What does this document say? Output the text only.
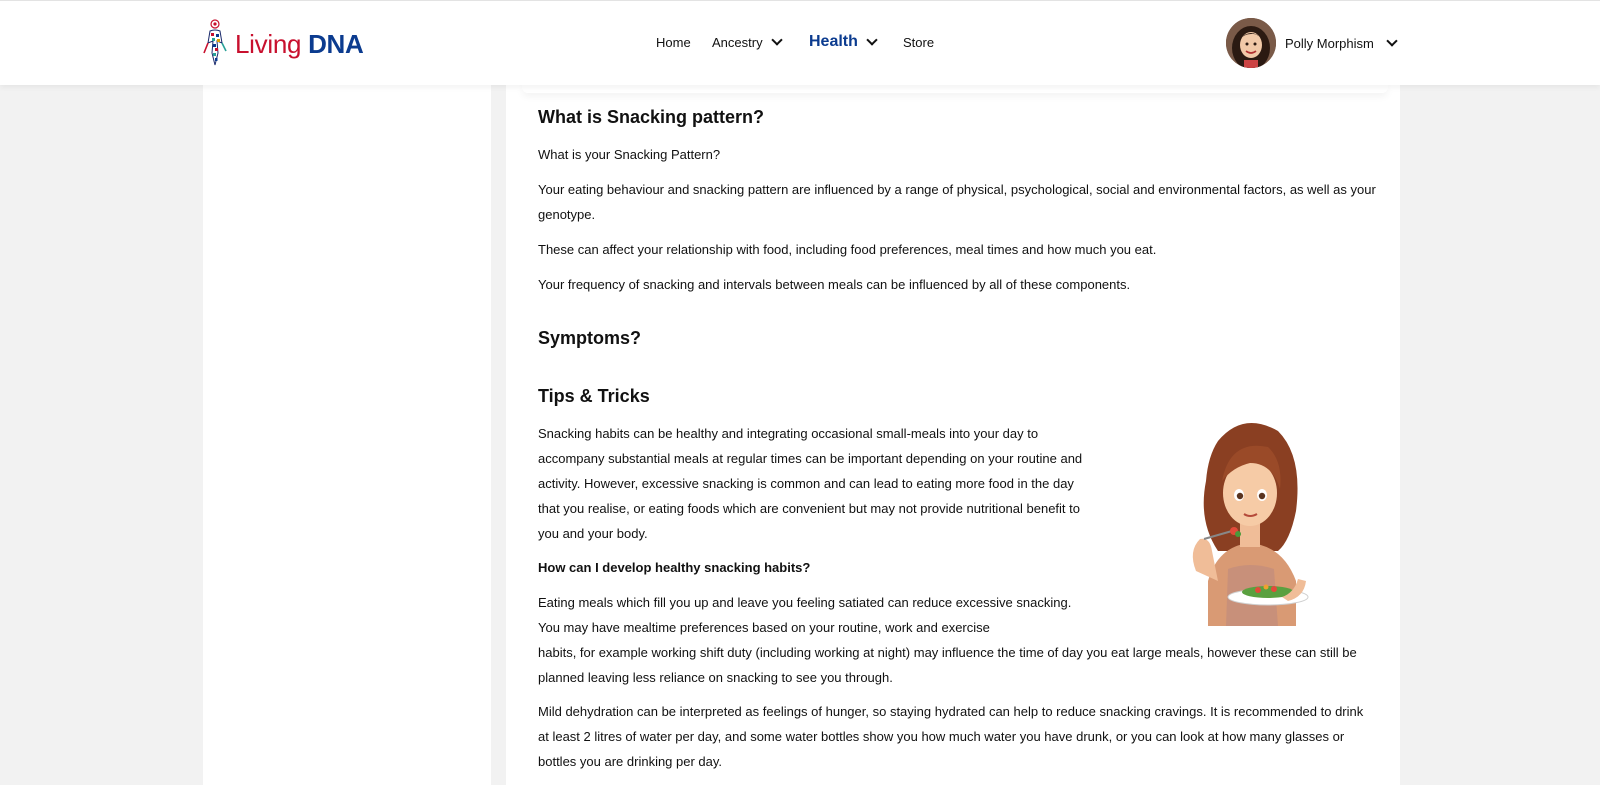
Living DNA	Home Ancestry	Health	Store	Polly Morphism
What is Snacking pattern?
What is your Snacking Pattern?
Your eating behaviour and snacking pattern are influenced by a range of physical, psychological, social and environmental factors, as well as your genotype.
These can affect your relationship with food, including food preferences, meal times and how much you eat.
Your frequency of snacking and intervals between meals can be influenced by all of these components.
Symptoms?
Tips & Tricks
Snacking habits can be healthy and integrating occasional small-meals into your day to accompany substantial meals at regular times can be important depending on your routine and activity. However, excessive snacking is common and can lead to eating more food in the day that you realise, or eating foods which are convenient but may not provide nutritional benefit to you and your body.
How can I develop healthy snacking habits?
Eating meals which fill you up and leave you feeling satiated can reduce excessive snacking. You may have mealtime preferences based on your routine, work and exercise
habits, for example working shift duty (including working at night) may influence the time of day you eat large meals, however these can still be planned leaving less reliance on snacking to see you through.
Mild dehydration can be interpreted as feelings of hunger, so staying hydrated can help to reduce snacking cravings. It is recommended to drink at least 2 litres of water per day, and some water bottles show you how much water you have drunk, or you can look at how many glasses or bottles you are drinking per day.
